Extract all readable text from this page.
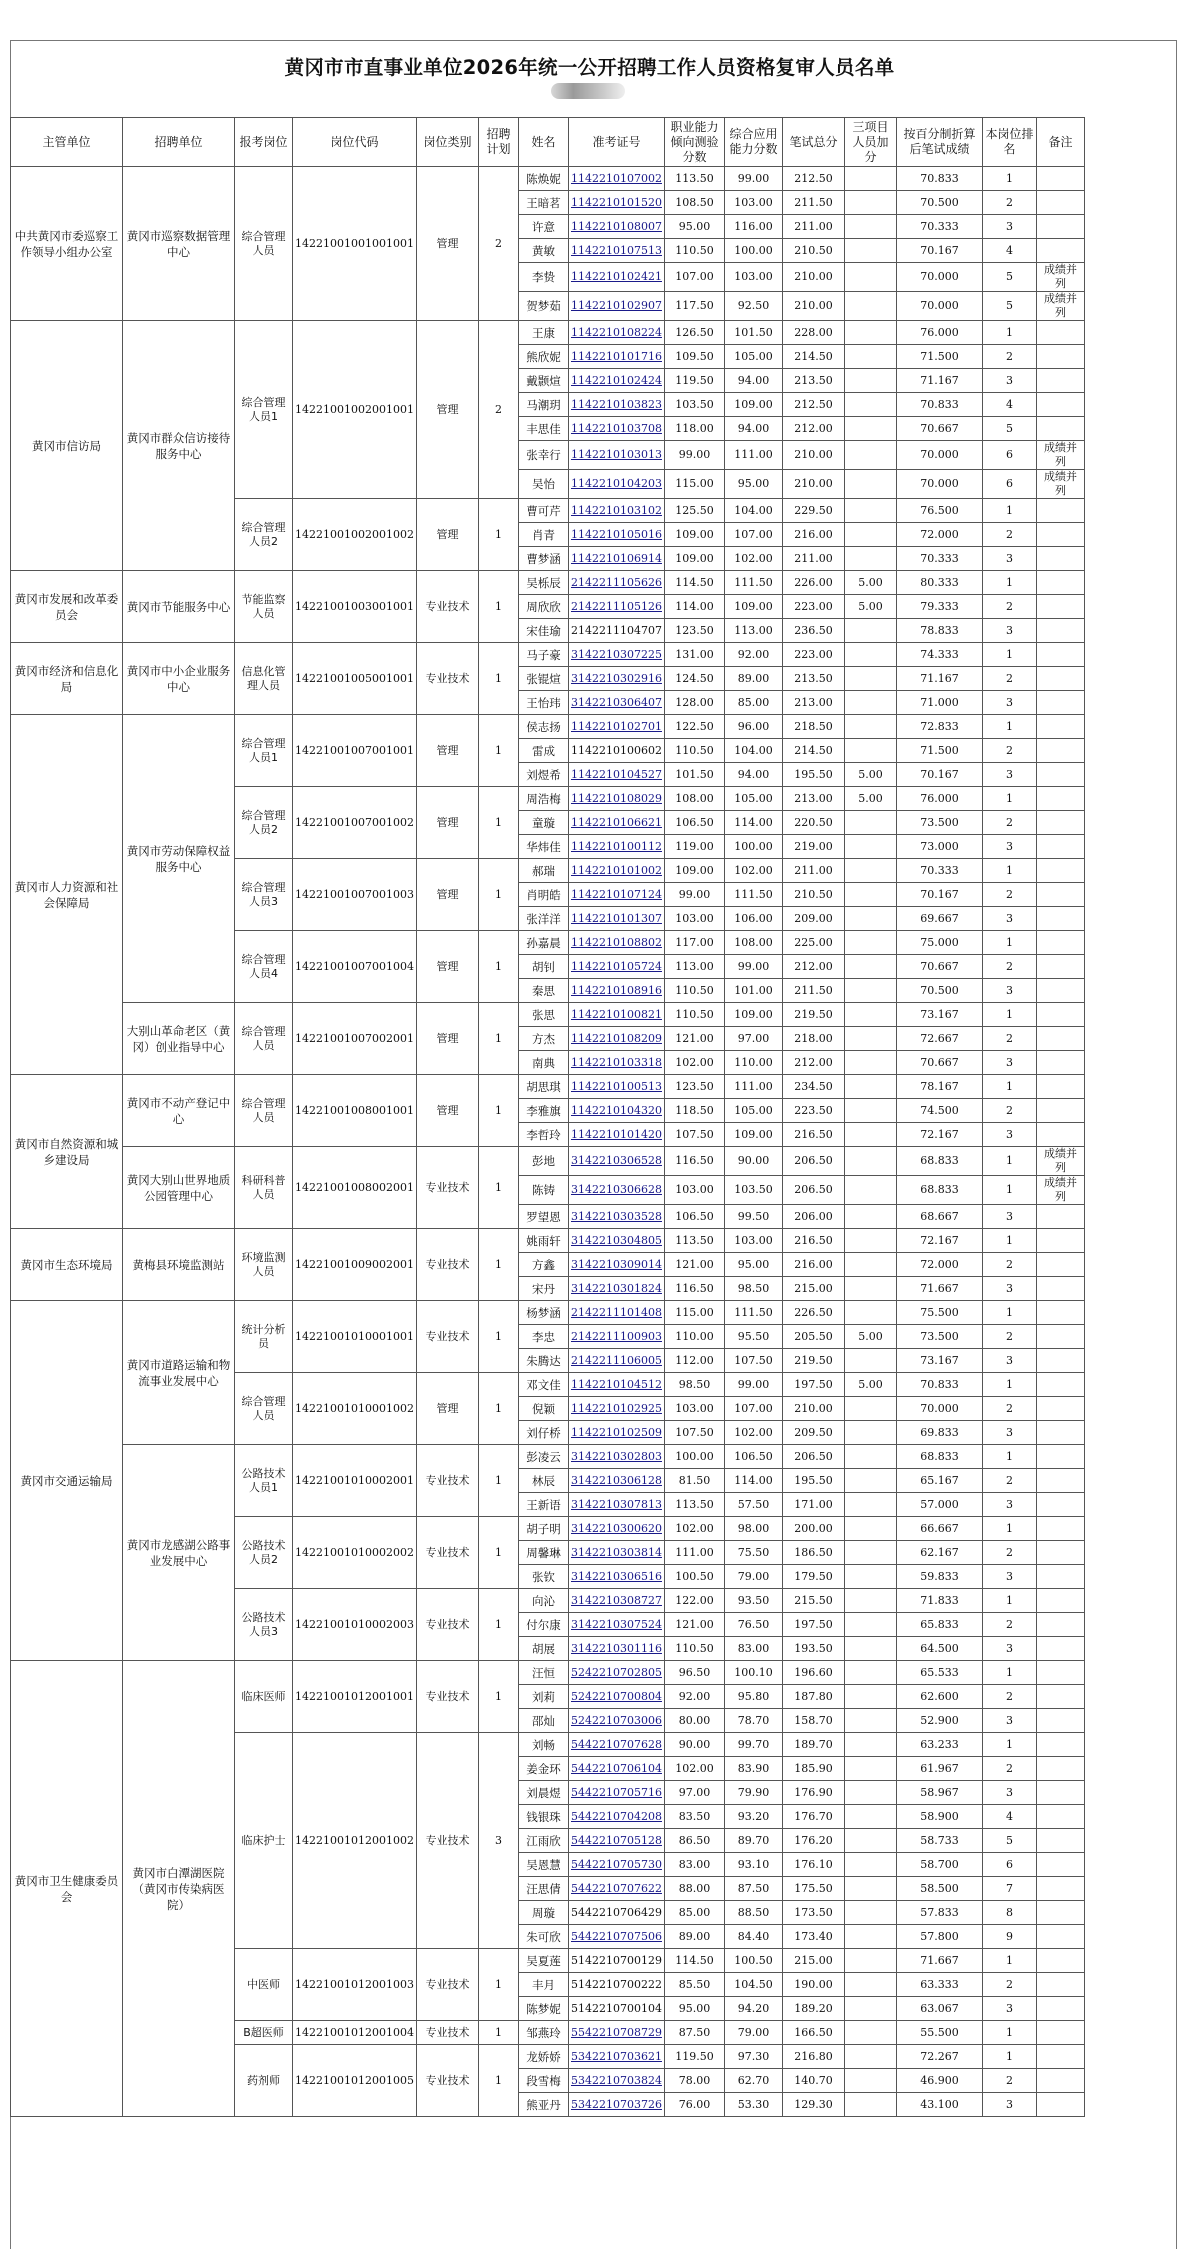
黄冈市市直事业单位2026年统一公开招聘工作人员资格复审人员名单
主管单位	招聘单位	报考岗位	岗位代码	岗位类别	招聘计划	姓名	准考证号	职业能力倾向测验分数	综合应用能力分数	笔试总分	三项目人员加分	按百分制折算后笔试成绩	本岗位排名	备注
中共黄冈市委巡察工作领导小组办公室	黄冈市巡察数据管理中心	综合管理人员	14221001001001001	管理	2	陈焕妮	1142210107002	113.50	99.00	212.50		70.833	1	
						王暗茗	1142210101520	108.50	103.00	211.50		70.500	2	
						许意	1142210108007	95.00	116.00	211.00		70.333	3	
						黄敏	1142210107513	110.50	100.00	210.50		70.167	4	
						李贽	1142210102421	107.00	103.00	210.00		70.000	5	成绩并列
						贺梦茹	1142210102907	117.50	92.50	210.00		70.000	5	成绩并列
黄冈市信访局	黄冈市群众信访接待服务中心	综合管理人员1	14221001002001001	管理	2	王康	1142210108224	126.50	101.50	228.00		76.000	1	
						熊欣妮	1142210101716	109.50	105.00	214.50		71.500	2	
						戴颢煊	1142210102424	119.50	94.00	213.50		71.167	3	
						马潮玥	1142210103823	103.50	109.00	212.50		70.833	4	
						丰思佳	1142210103708	118.00	94.00	212.00		70.667	5	
						张幸行	1142210103013	99.00	111.00	210.00		70.000	6	成绩并列
						吴怡	1142210104203	115.00	95.00	210.00		70.000	6	成绩并列
		综合管理人员2	14221001002001002	管理	1	曹可芹	1142210103102	125.50	104.00	229.50		76.500	1	
						肖青	1142210105016	109.00	107.00	216.00		72.000	2	
						曹梦涵	1142210106914	109.00	102.00	211.00		70.333	3	
黄冈市发展和改革委员会	黄冈市节能服务中心	节能监察人员	14221001003001001	专业技术	1	吴栎辰	2142211105626	114.50	111.50	226.00	5.00	80.333	1	
						周欣欣	2142211105126	114.00	109.00	223.00	5.00	79.333	2	
						宋佳瑜	2142211104707	123.50	113.00	236.50		78.833	3	
黄冈市经济和信息化局	黄冈市中小企业服务中心	信息化管理人员	14221001005001001	专业技术	1	马子豪	3142210307225	131.00	92.00	223.00		74.333	1	
						张锟煊	3142210302916	124.50	89.00	213.50		71.167	2	
						王怡玮	3142210306407	128.00	85.00	213.00		71.000	3	
黄冈市人力资源和社会保障局	黄冈市劳动保障权益服务中心	综合管理人员1	14221001007001001	管理	1	侯志扬	1142210102701	122.50	96.00	218.50		72.833	1	
						雷成	1142210100602	110.50	104.00	214.50		71.500	2	
						刘煜希	1142210104527	101.50	94.00	195.50	5.00	70.167	3	
		综合管理人员2	14221001007001002	管理	1	周浩梅	1142210108029	108.00	105.00	213.00	5.00	76.000	1	
						童璇	1142210106621	106.50	114.00	220.50		73.500	2	
						华炜佳	1142210100112	119.00	100.00	219.00		73.000	3	
		综合管理人员3	14221001007001003	管理	1	郝瑞	1142210101002	109.00	102.00	211.00		70.333	1	
						肖明皓	1142210107124	99.00	111.50	210.50		70.167	2	
						张洋洋	1142210101307	103.00	106.00	209.00		69.667	3	
		综合管理人员4	14221001007001004	管理	1	孙嘉晨	1142210108802	117.00	108.00	225.00		75.000	1	
						胡钊	1142210105724	113.00	99.00	212.00		70.667	2	
						秦思	1142210108916	110.50	101.00	211.50		70.500	3	
	大别山革命老区（黄冈）创业指导中心	综合管理人员	14221001007002001	管理	1	张思	1142210100821	110.50	109.00	219.50		73.167	1	
						方杰	1142210108209	121.00	97.00	218.00		72.667	2	
						南典	1142210103318	102.00	110.00	212.00		70.667	3	
黄冈市自然资源和城乡建设局	黄冈市不动产登记中心	综合管理人员	14221001008001001	管理	1	胡思琪	1142210100513	123.50	111.00	234.50		78.167	1	
						李雅旗	1142210104320	118.50	105.00	223.50		74.500	2	
						李哲玲	1142210101420	107.50	109.00	216.50		72.167	3	
	黄冈大别山世界地质公园管理中心	科研科普人员	14221001008002001	专业技术	1	彭地	3142210306528	116.50	90.00	206.50		68.833	1	成绩并列
						陈铸	3142210306628	103.00	103.50	206.50		68.833	1	成绩并列
						罗望恩	3142210303528	106.50	99.50	206.00		68.667	3	
黄冈市生态环境局	黄梅县环境监测站	环境监测人员	14221001009002001	专业技术	1	姚雨轩	3142210304805	113.50	103.00	216.50		72.167	1	
						方鑫	3142210309014	121.00	95.00	216.00		72.000	2	
						宋丹	3142210301824	116.50	98.50	215.00		71.667	3	
黄冈市交通运输局	黄冈市道路运输和物流事业发展中心	统计分析员	14221001010001001	专业技术	1	杨梦涵	2142211101408	115.00	111.50	226.50		75.500	1	
						李忠	2142211100903	110.00	95.50	205.50	5.00	73.500	2	
						朱腾达	2142211106005	112.00	107.50	219.50		73.167	3	
		综合管理人员	14221001010001002	管理	1	邓文佳	1142210104512	98.50	99.00	197.50	5.00	70.833	1	
						倪颖	1142210102925	103.00	107.00	210.00		70.000	2	
						刘仔桥	1142210102509	107.50	102.00	209.50		69.833	3	
	黄冈市龙感湖公路事业发展中心	公路技术人员1	14221001010002001	专业技术	1	彭凌云	3142210302803	100.00	106.50	206.50		68.833	1	
						林辰	3142210306128	81.50	114.00	195.50		65.167	2	
						王新语	3142210307813	113.50	57.50	171.00		57.000	3	
		公路技术人员2	14221001010002002	专业技术	1	胡子明	3142210300620	102.00	98.00	200.00		66.667	1	
						周馨琳	3142210303814	111.00	75.50	186.50		62.167	2	
						张钦	3142210306516	100.50	79.00	179.50		59.833	3	
		公路技术人员3	14221001010002003	专业技术	1	向沁	3142210308727	122.00	93.50	215.50		71.833	1	
						付尔康	3142210307524	121.00	76.50	197.50		65.833	2	
						胡展	3142210301116	110.50	83.00	193.50		64.500	3	
黄冈市卫生健康委员会	黄冈市白潭湖医院（黄冈市传染病医院）	临床医师	14221001012001001	专业技术	1	汪恒	5242210702805	96.50	100.10	196.60		65.533	1	
						刘莉	5242210700804	92.00	95.80	187.80		62.600	2	
						邵灿	5242210703006	80.00	78.70	158.70		52.900	3	
		临床护士	14221001012001002	专业技术	3	刘畅	5442210707628	90.00	99.70	189.70		63.233	1	
						姜金环	5442210706104	102.00	83.90	185.90		61.967	2	
						刘晨煜	5442210705716	97.00	79.90	176.90		58.967	3	
						钱银珠	5442210704208	83.50	93.20	176.70		58.900	4	
						江雨欣	5442210705128	86.50	89.70	176.20		58.733	5	
						吴恩慧	5442210705730	83.00	93.10	176.10		58.700	6	
						汪思倩	5442210707622	88.00	87.50	175.50		58.500	7	
						周璇	5442210706429	85.00	88.50	173.50		57.833	8	
						朱可欣	5442210707506	89.00	84.40	173.40		57.800	9	
		中医师	14221001012001003	专业技术	1	吴夏莲	5142210700129	114.50	100.50	215.00		71.667	1	
						丰月	5142210700222	85.50	104.50	190.00		63.333	2	
						陈梦妮	5142210700104	95.00	94.20	189.20		63.067	3	
		B超医师	14221001012001004	专业技术	1	邹燕玲	5542210708729	87.50	79.00	166.50		55.500	1	
		药剂师	14221001012001005	专业技术	1	龙娇娇	5342210703621	119.50	97.30	216.80		72.267	1	
						段雪梅	5342210703824	78.00	62.70	140.70		46.900	2	
						熊亚丹	5342210703726	76.00	53.30	129.30		43.100	3	
